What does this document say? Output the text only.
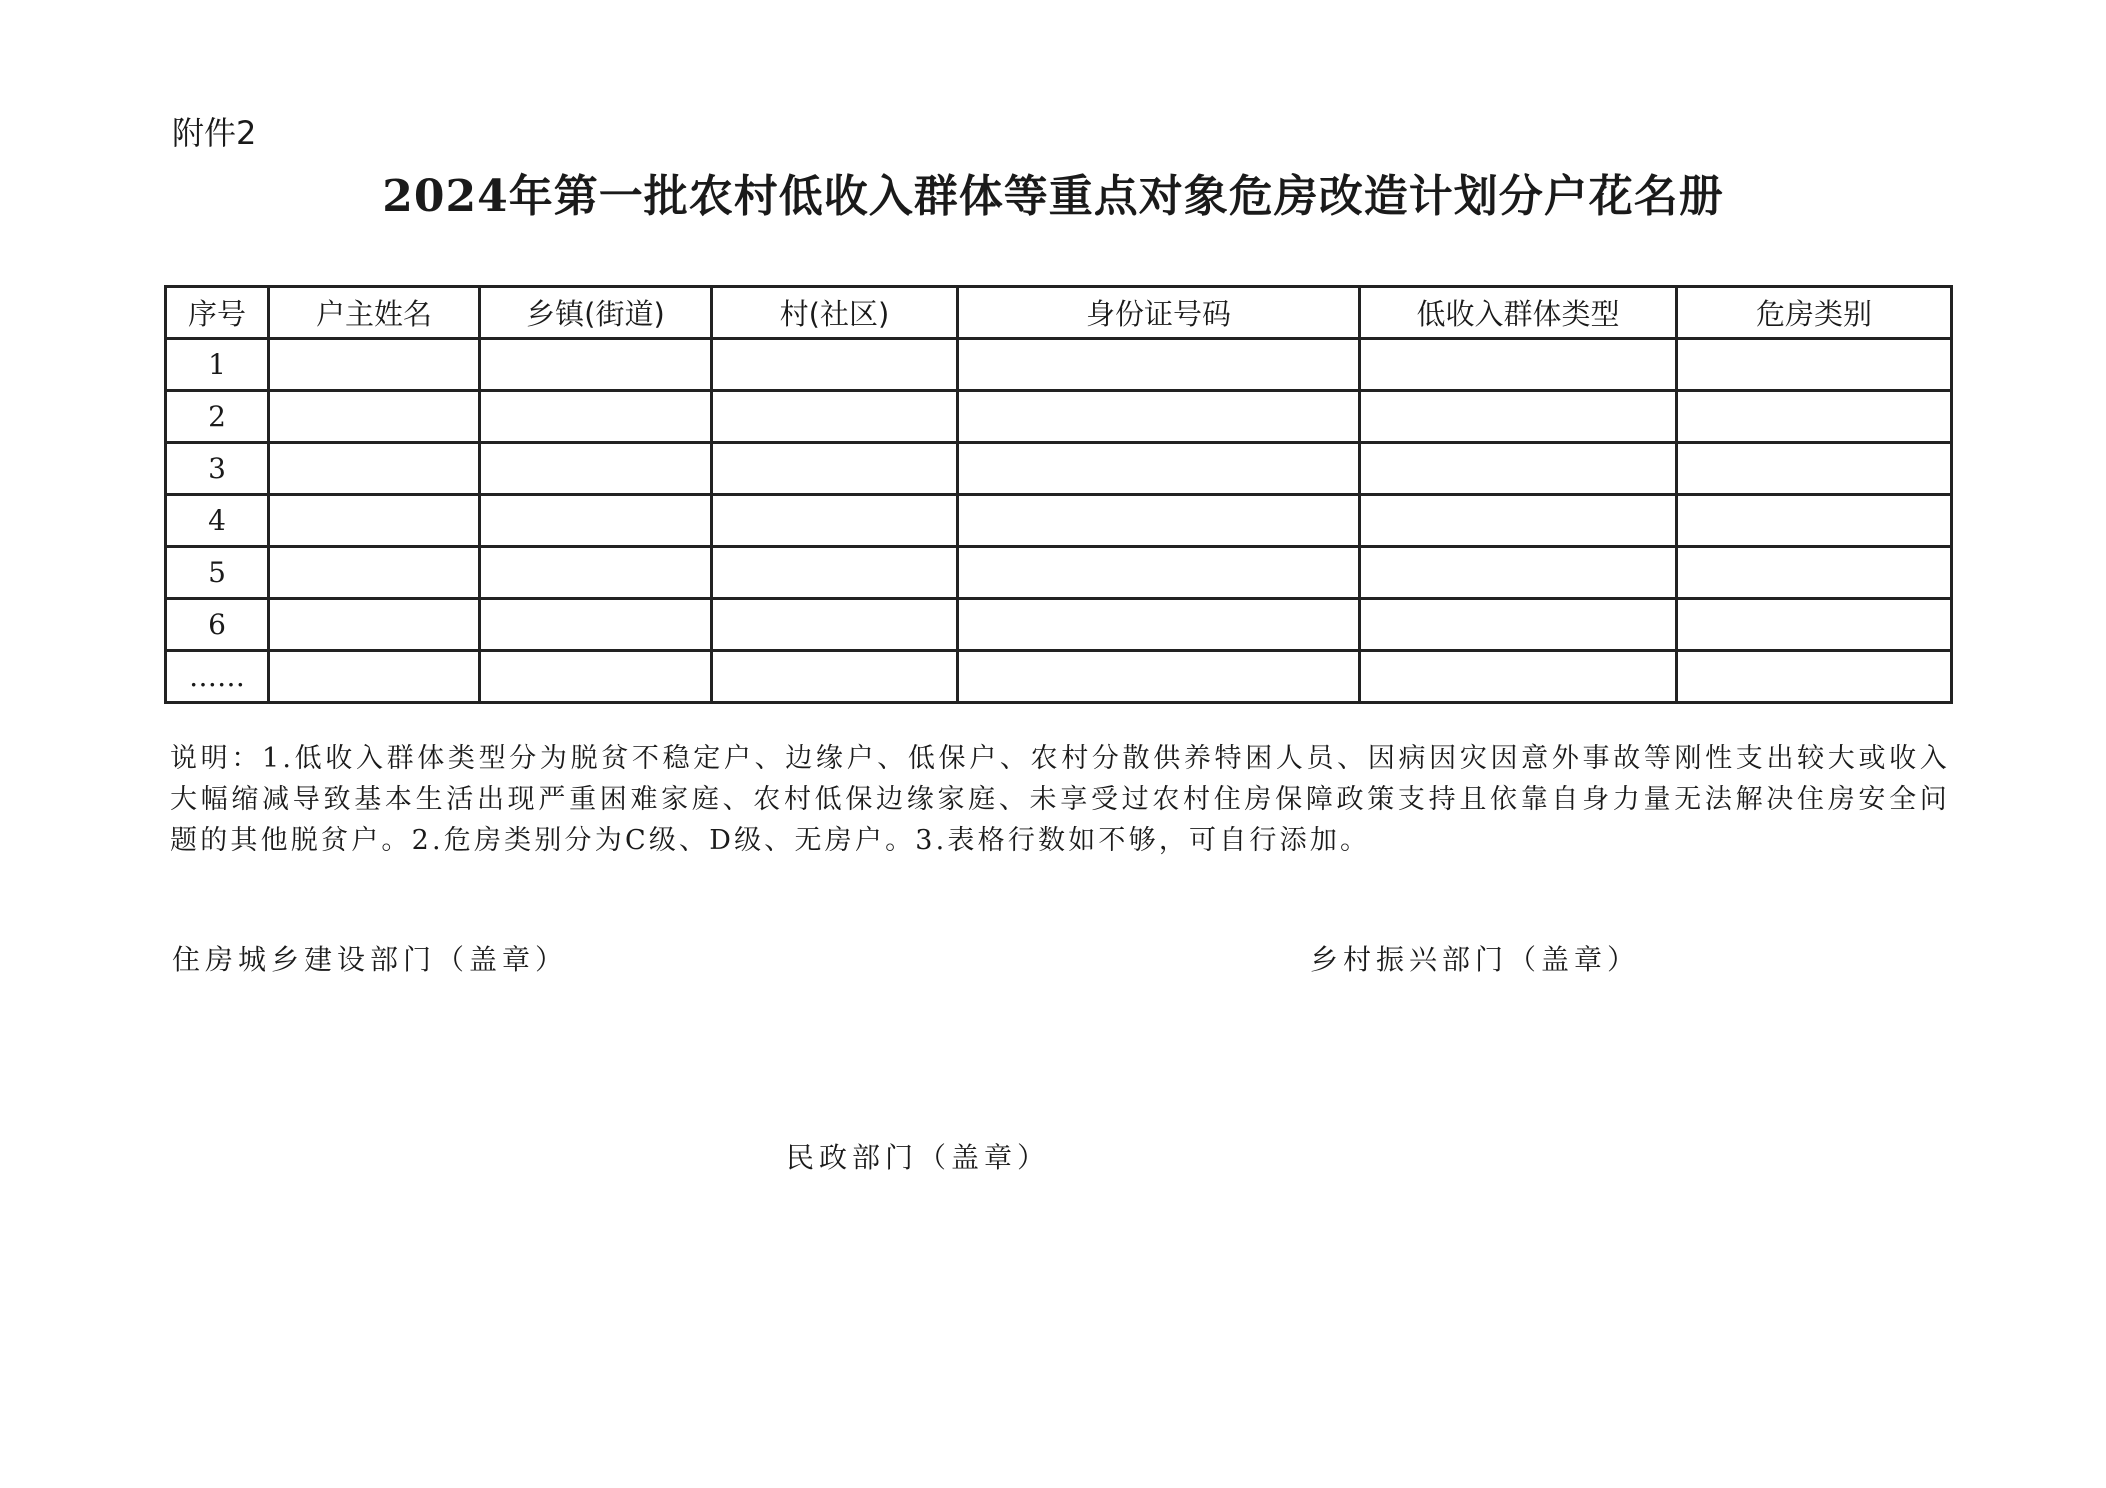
附件2
2024年第一批农村低收入群体等重点对象危房改造计划分户花名册
序号	户主姓名	乡镇(街道)	村(社区)	身份证号码	低收入群体类型	危房类别
1						
2						
3						
4						
5						
6						
……						
说明：1.低收入群体类型分为脱贫不稳定户、边缘户、低保户、农村分散供养特困人员、因病因灾因意外事故等刚性支出较大或收入大幅缩减导致基本生活出现严重困难家庭、农村低保边缘家庭、未享受过农村住房保障政策支持且依靠自身力量无法解决住房安全问题的其他脱贫户。2.危房类别分为C级、D级、无房户。3.表格行数如不够，可自行添加。
住房城乡建设部门（盖章）	乡村振兴部门（盖章）
民政部门（盖章）
